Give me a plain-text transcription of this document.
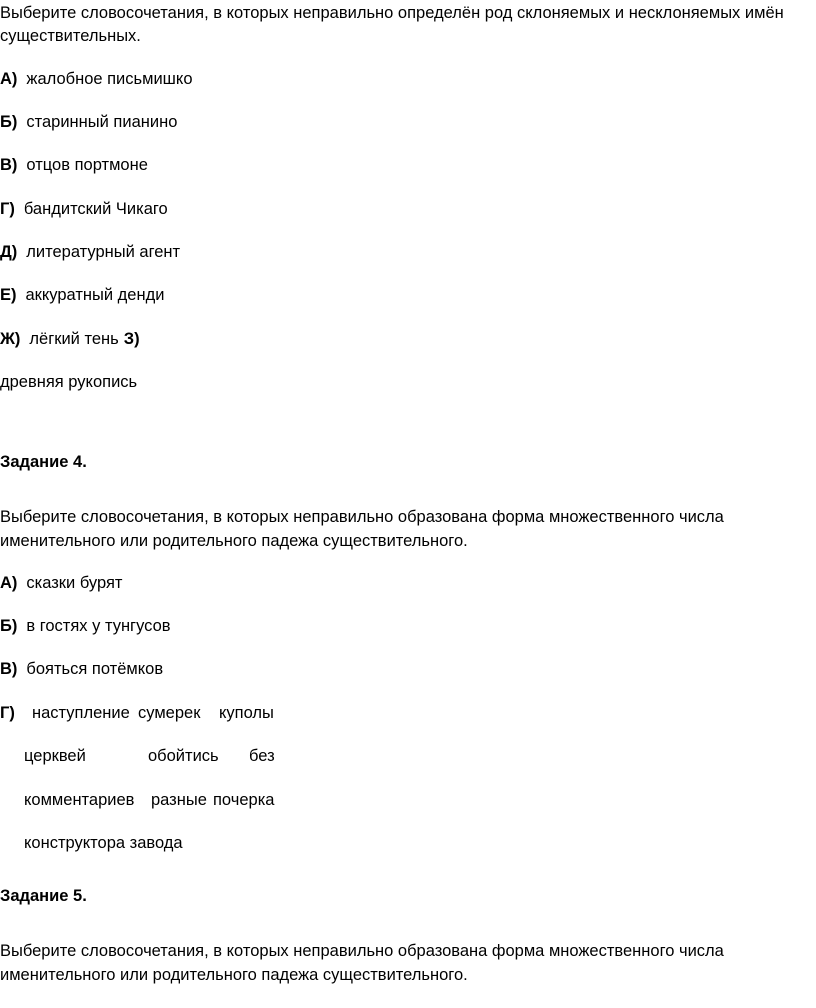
Выберите словосочетания, в которых неправильно определён род склоняемых и несклоняемых имён
существительных.
А) жалобное письмишко
Б) старинный пианино
В) отцов портмоне
Г) бандитский Чикаго
Д) литературный агент
Е) аккуратный денди
Ж) лёгкий тень З)
древняя рукопись
Задание 4.
Выберите словосочетания, в которых неправильно образована форма множественного числа
именительного или родительного падежа существительного.
А) сказки бурят
Б) в гостях у тунгусов
В) бояться потёмков
Г) наступление сумерек куполы
церквей	обойтись без
комментариев разные почерка
конструктора завода
Задание 5.
Выберите словосочетания, в которых неправильно образована форма множественного числа
именительного или родительного падежа существительного.
